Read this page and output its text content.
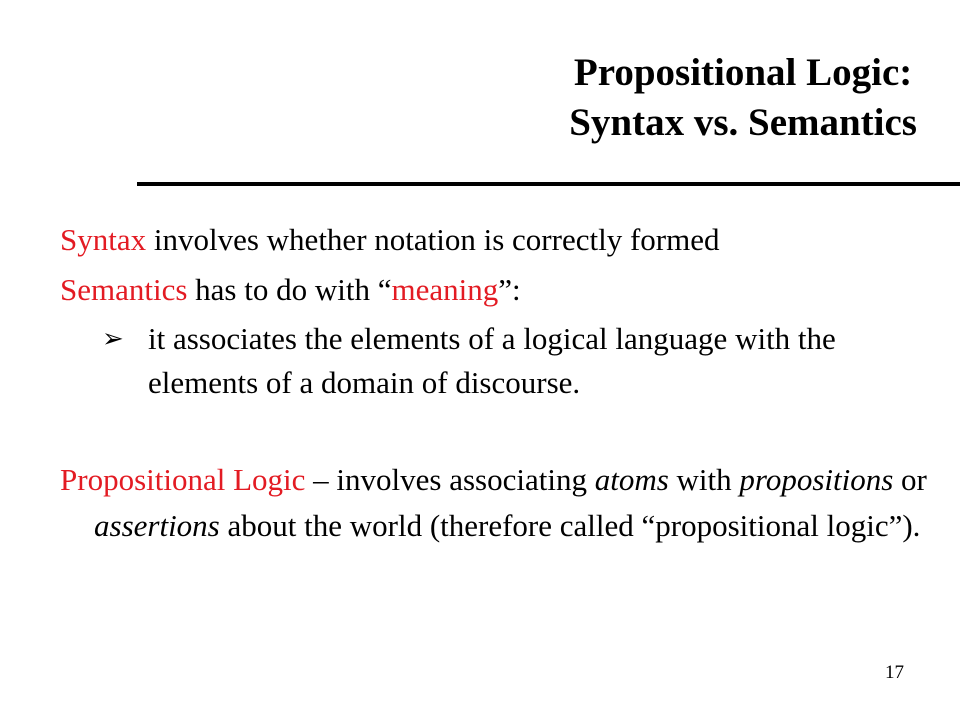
Propositional Logic:
Syntax vs. Semantics

Syntax involves whether notation is correctly formed

Semantics has to do with “meaning”:

➢ it associates the elements of a logical language with the elements of a domain of discourse.

Propositional Logic – involves associating atoms with propositions or assertions about the world (therefore called “propositional logic”).

17
